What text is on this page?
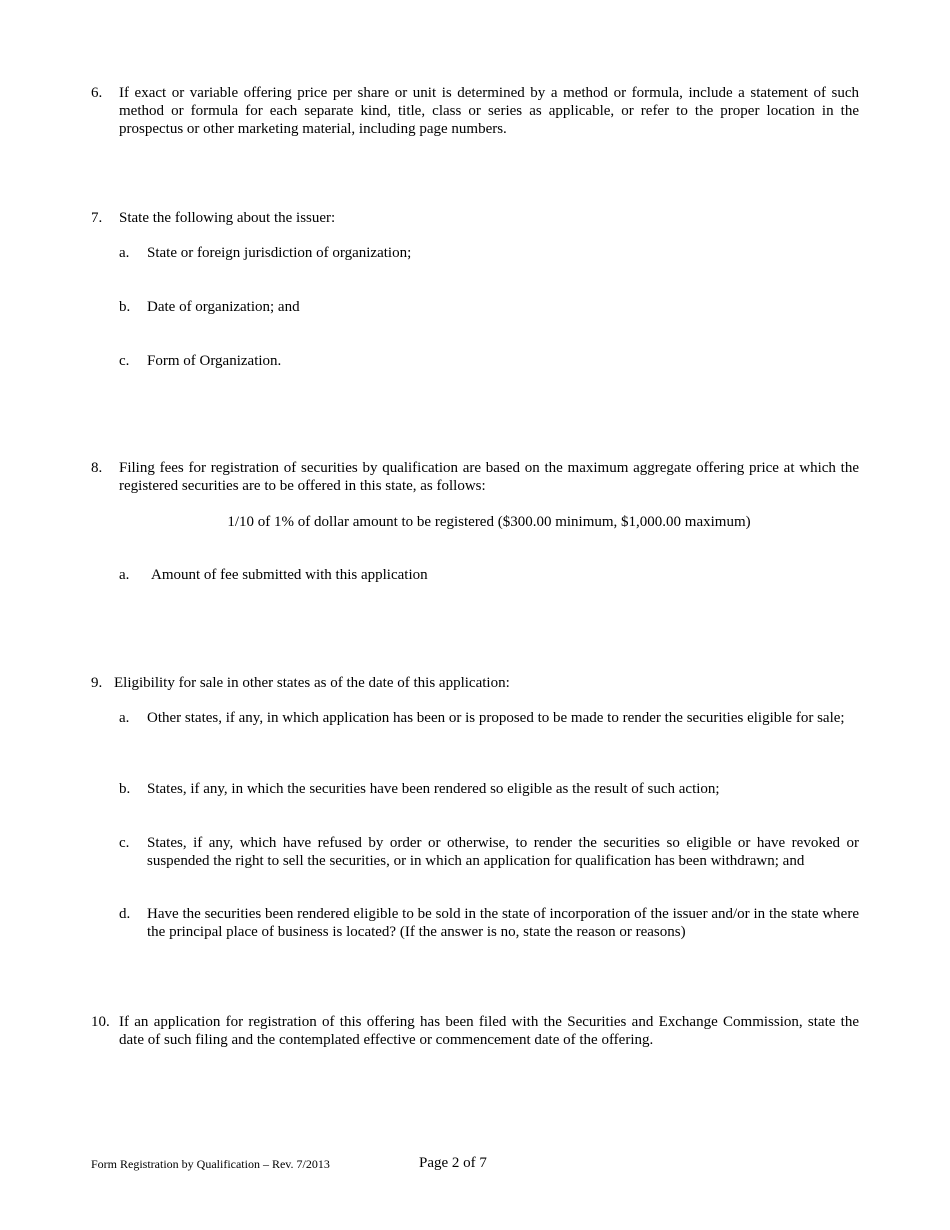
6. If exact or variable offering price per share or unit is determined by a method or formula, include a statement of such method or formula for each separate kind, title, class or series as applicable, or refer to the proper location in the prospectus or other marketing material, including page numbers.
7. State the following about the issuer:
a. State or foreign jurisdiction of organization;
b. Date of organization; and
c. Form of Organization.
8. Filing fees for registration of securities by qualification are based on the maximum aggregate offering price at which the registered securities are to be offered in this state, as follows:
1/10 of 1% of dollar amount to be registered ($300.00 minimum, $1,000.00 maximum)
a. Amount of fee submitted with this application
9. Eligibility for sale in other states as of the date of this application:
a. Other states, if any, in which application has been or is proposed to be made to render the securities eligible for sale;
b. States, if any, in which the securities have been rendered so eligible as the result of such action;
c. States, if any, which have refused by order or otherwise, to render the securities so eligible or have revoked or suspended the right to sell the securities, or in which an application for qualification has been withdrawn; and
d. Have the securities been rendered eligible to be sold in the state of incorporation of the issuer and/or in the state where the principal place of business is located? (If the answer is no, state the reason or reasons)
10. If an application for registration of this offering has been filed with the Securities and Exchange Commission, state the date of such filing and the contemplated effective or commencement date of the offering.
Form Registration by Qualification – Rev. 7/2013	Page 2 of 7
